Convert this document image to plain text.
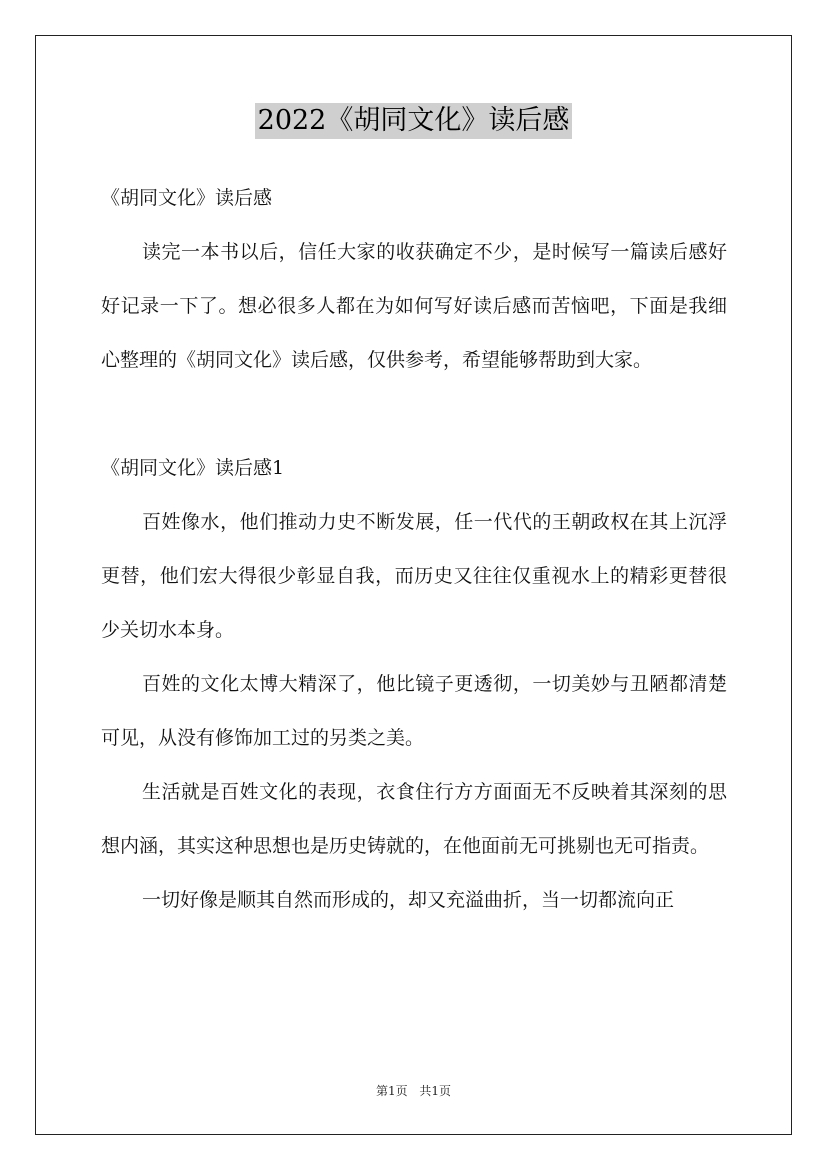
2022《胡同文化》读后感

《胡同文化》读后感

读完一本书以后，信任大家的收获确定不少，是时候写一篇读后感好好记录一下了。想必很多人都在为如何写好读后感而苦恼吧，下面是我细心整理的《胡同文化》读后感，仅供参考，希望能够帮助到大家。

《胡同文化》读后感1

百姓像水，他们推动力史不断发展，任一代代的王朝政权在其上沉浮更替，他们宏大得很少彰显自我，而历史又往往仅重视水上的精彩更替很少关切水本身。

百姓的文化太博大精深了，他比镜子更透彻，一切美妙与丑陋都清楚可见，从没有修饰加工过的另类之美。

生活就是百姓文化的表现，衣食住行方方面面无不反映着其深刻的思想内涵，其实这种思想也是历史铸就的，在他面前无可挑剔也无可指责。

一切好像是顺其自然而形成的，却又充溢曲折，当一切都流向正

第1页 共1页
